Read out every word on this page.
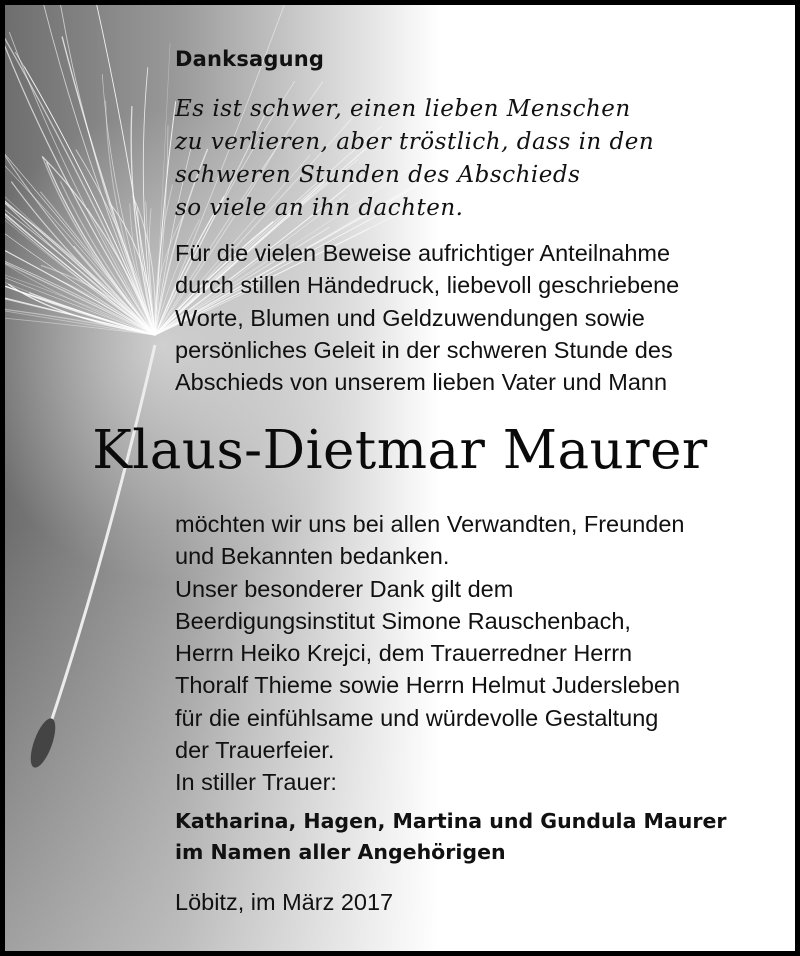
Danksagung
Es ist schwer, einen lieben Menschen
zu verlieren, aber tröstlich, dass in den
schweren Stunden des Abschieds
so viele an ihn dachten.
Für die vielen Beweise aufrichtiger Anteilnahme
durch stillen Händedruck, liebevoll geschriebene
Worte, Blumen und Geldzuwendungen sowie
persönliches Geleit in der schweren Stunde des
Abschieds von unserem lieben Vater und Mann
Klaus-Dietmar Maurer
möchten wir uns bei allen Verwandten, Freunden
und Bekannten bedanken.
Unser besonderer Dank gilt dem
Beerdigungsinstitut Simone Rauschenbach,
Herrn Heiko Krejci, dem Trauerredner Herrn
Thoralf Thieme sowie Herrn Helmut Judersleben
für die einfühlsame und würdevolle Gestaltung
der Trauerfeier.
In stiller Trauer:
Katharina, Hagen, Martina und Gundula Maurer
im Namen aller Angehörigen
Löbitz, im März 2017
